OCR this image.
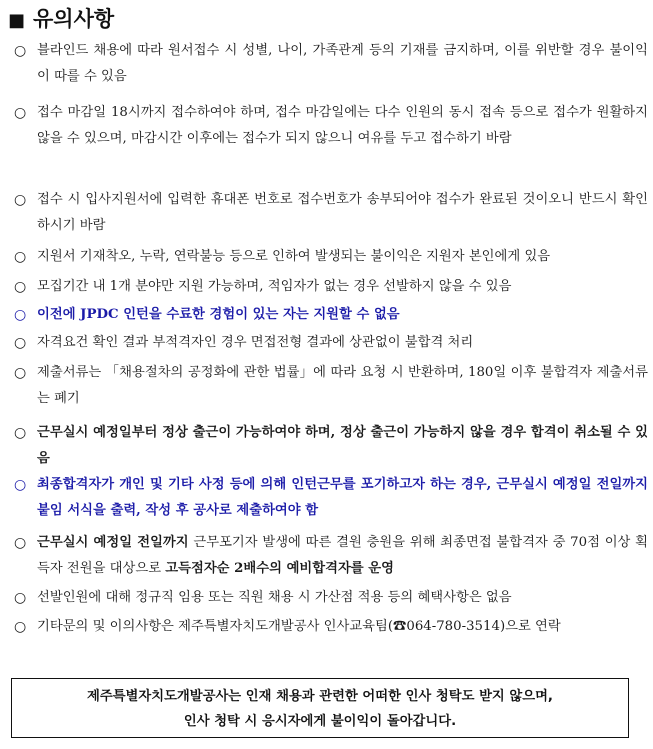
■ 유의사항
○ 블라인드 채용에 따라 원서접수 시 성별, 나이, 가족관계 등의 기재를 금지하며, 이를 위반할 경우 불이익이 따를 수 있음
○ 접수 마감일 18시까지 접수하여야 하며, 접수 마감일에는 다수 인원의 동시 접속 등으로 접수가 원활하지 않을 수 있으며, 마감시간 이후에는 접수가 되지 않으니 여유를 두고 접수하기 바람
○ 접수 시 입사지원서에 입력한 휴대폰 번호로 접수번호가 송부되어야 접수가 완료된 것이오니 반드시 확인하시기 바람
○ 지원서 기재착오, 누락, 연락불능 등으로 인하여 발생되는 불이익은 지원자 본인에게 있음
○ 모집기간 내 1개 분야만 지원 가능하며, 적임자가 없는 경우 선발하지 않을 수 있음
○ 이전에 JPDC 인턴을 수료한 경험이 있는 자는 지원할 수 없음
○ 자격요건 확인 결과 부적격자인 경우 면접전형 결과에 상관없이 불합격 처리
○ 제출서류는 「채용절차의 공정화에 관한 법률」에 따라 요청 시 반환하며, 180일 이후 불합격자 제출서류는 폐기
○ 근무실시 예정일부터 정상 출근이 가능하여야 하며, 정상 출근이 가능하지 않을 경우 합격이 취소될 수 있음
○ 최종합격자가 개인 및 기타 사정 등에 의해 인턴근무를 포기하고자 하는 경우, 근무실시 예정일 전일까지 붙임 서식을 출력, 작성 후 공사로 제출하여야 함
○ 근무실시 예정일 전일까지 근무포기자 발생에 따른 결원 충원을 위해 최종면접 불합격자 중 70점 이상 획득자 전원을 대상으로 고득점자순 2배수의 예비합격자를 운영
○ 선발인원에 대해 정규직 임용 또는 직원 채용 시 가산점 적용 등의 혜택사항은 없음
○ 기타문의 및 이의사항은 제주특별자치도개발공사 인사교육팀(☎064-780-3514)으로 연락
제주특별자치도개발공사는 인재 채용과 관련한 어떠한 인사 청탁도 받지 않으며,
인사 청탁 시 응시자에게 불이익이 돌아갑니다.
